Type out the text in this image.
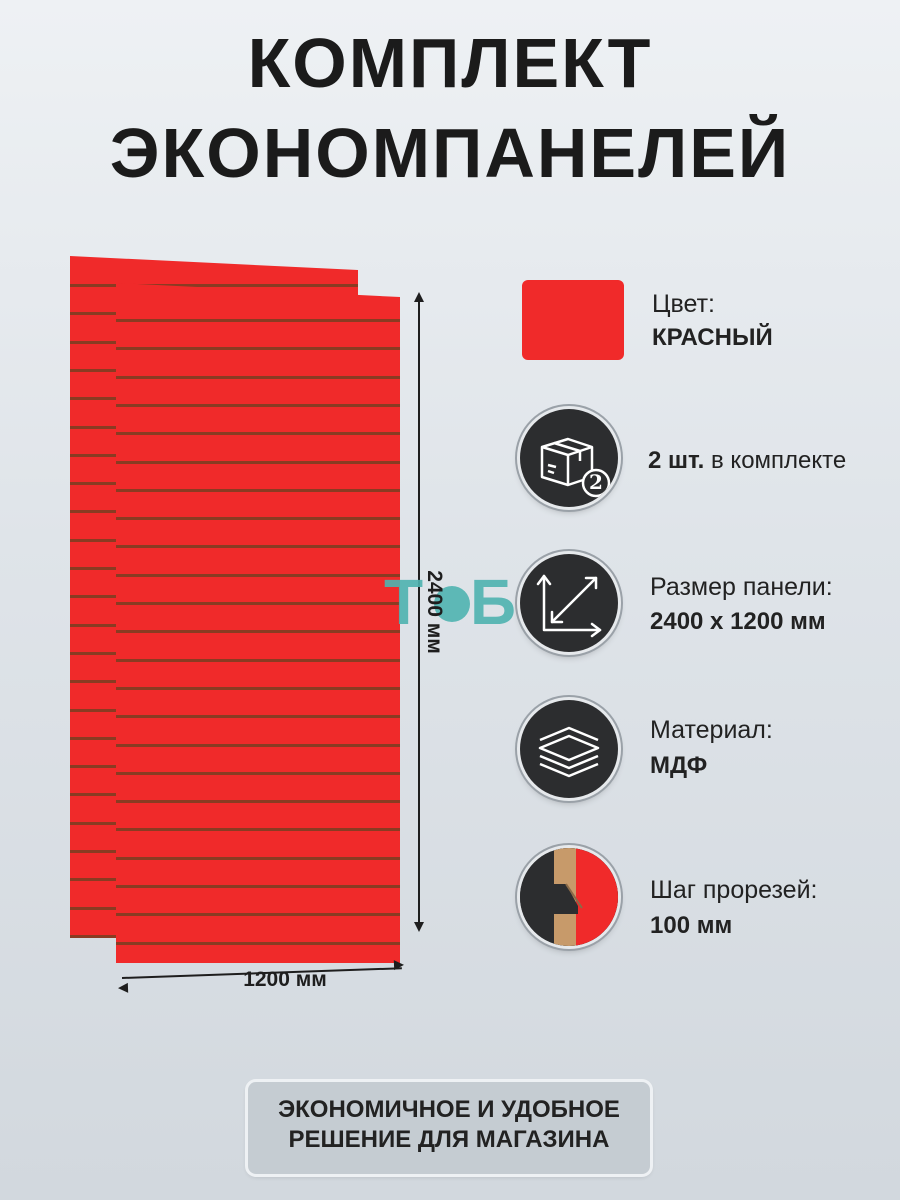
КОМПЛЕКТ
ЭКОНОМПАНЕЛЕЙ
Т Б
2400 мм
1200 мм
Цвет:
КРАСНЫЙ
2
2 шт. в комплекте
Размер панели:
2400 х 1200 мм
Материал:
МДФ
Шаг прорезей:
100 мм
ЭКОНОМИЧНОЕ И УДОБНОЕ
РЕШЕНИЕ ДЛЯ МАГАЗИНА
